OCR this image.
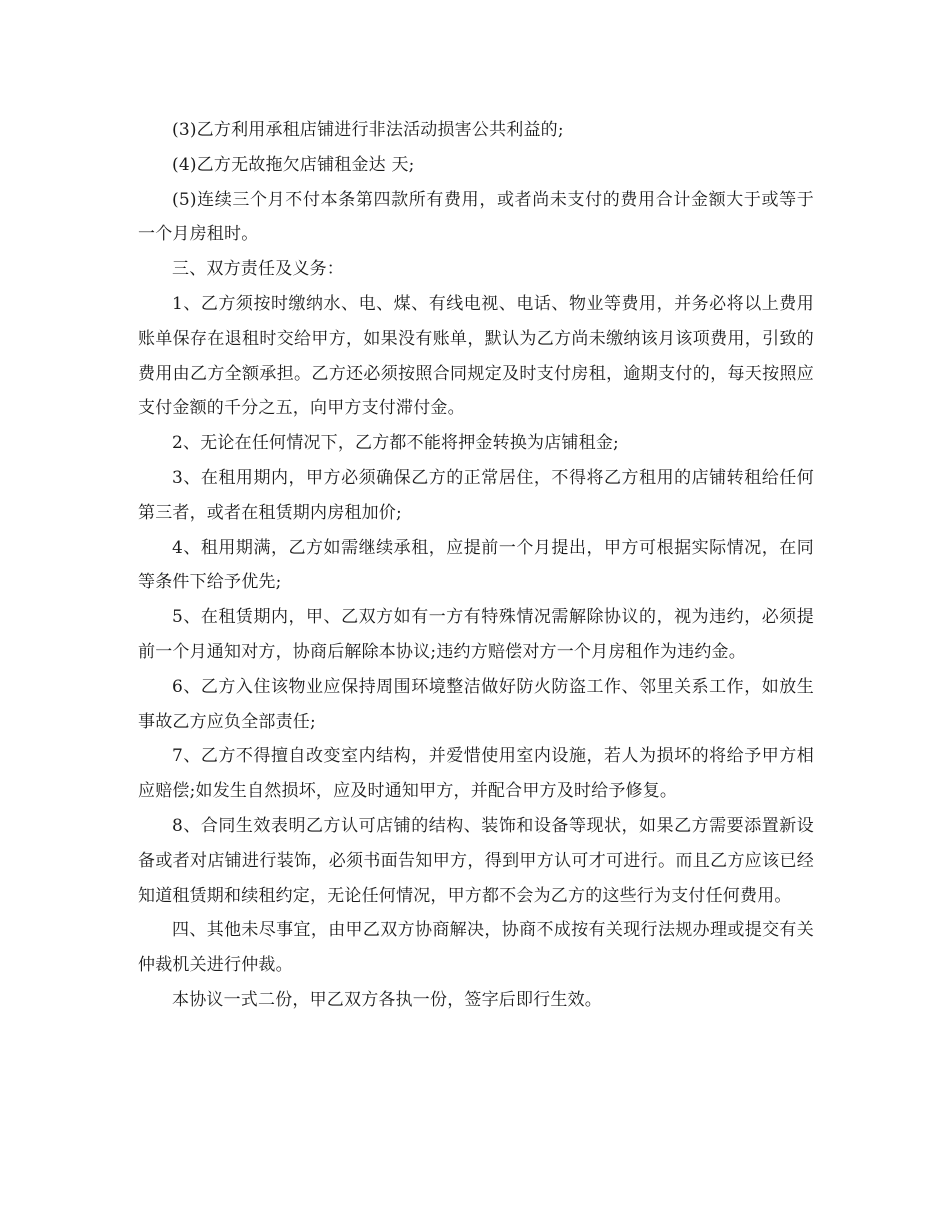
(3)乙方利用承租店铺进行非法活动损害公共利益的;

(4)乙方无故拖欠店铺租金达 天;

(5)连续三个月不付本条第四款所有费用，或者尚未支付的费用合计金额大于或等于一个月房租时。

三、双方责任及义务：

1、乙方须按时缴纳水、电、煤、有线电视、电话、物业等费用，并务必将以上费用账单保存在退租时交给甲方，如果没有账单，默认为乙方尚未缴纳该月该项费用，引致的费用由乙方全额承担。乙方还必须按照合同规定及时支付房租，逾期支付的，每天按照应支付金额的千分之五，向甲方支付滞付金。

2、无论在任何情况下，乙方都不能将押金转换为店铺租金;

3、在租用期内，甲方必须确保乙方的正常居住，不得将乙方租用的店铺转租给任何第三者，或者在租赁期内房租加价;

4、租用期满，乙方如需继续承租，应提前一个月提出，甲方可根据实际情况，在同等条件下给予优先;

5、在租赁期内，甲、乙双方如有一方有特殊情况需解除协议的，视为违约，必须提前一个月通知对方，协商后解除本协议;违约方赔偿对方一个月房租作为违约金。

6、乙方入住该物业应保持周围环境整洁做好防火防盗工作、邻里关系工作，如放生事故乙方应负全部责任;

7、乙方不得擅自改变室内结构，并爱惜使用室内设施，若人为损坏的将给予甲方相应赔偿;如发生自然损坏，应及时通知甲方，并配合甲方及时给予修复。

8、合同生效表明乙方认可店铺的结构、装饰和设备等现状，如果乙方需要添置新设备或者对店铺进行装饰，必须书面告知甲方，得到甲方认可才可进行。而且乙方应该已经知道租赁期和续租约定，无论任何情况，甲方都不会为乙方的这些行为支付任何费用。

四、其他未尽事宜，由甲乙双方协商解决，协商不成按有关现行法规办理或提交有关仲裁机关进行仲裁。

本协议一式二份，甲乙双方各执一份，签字后即行生效。
